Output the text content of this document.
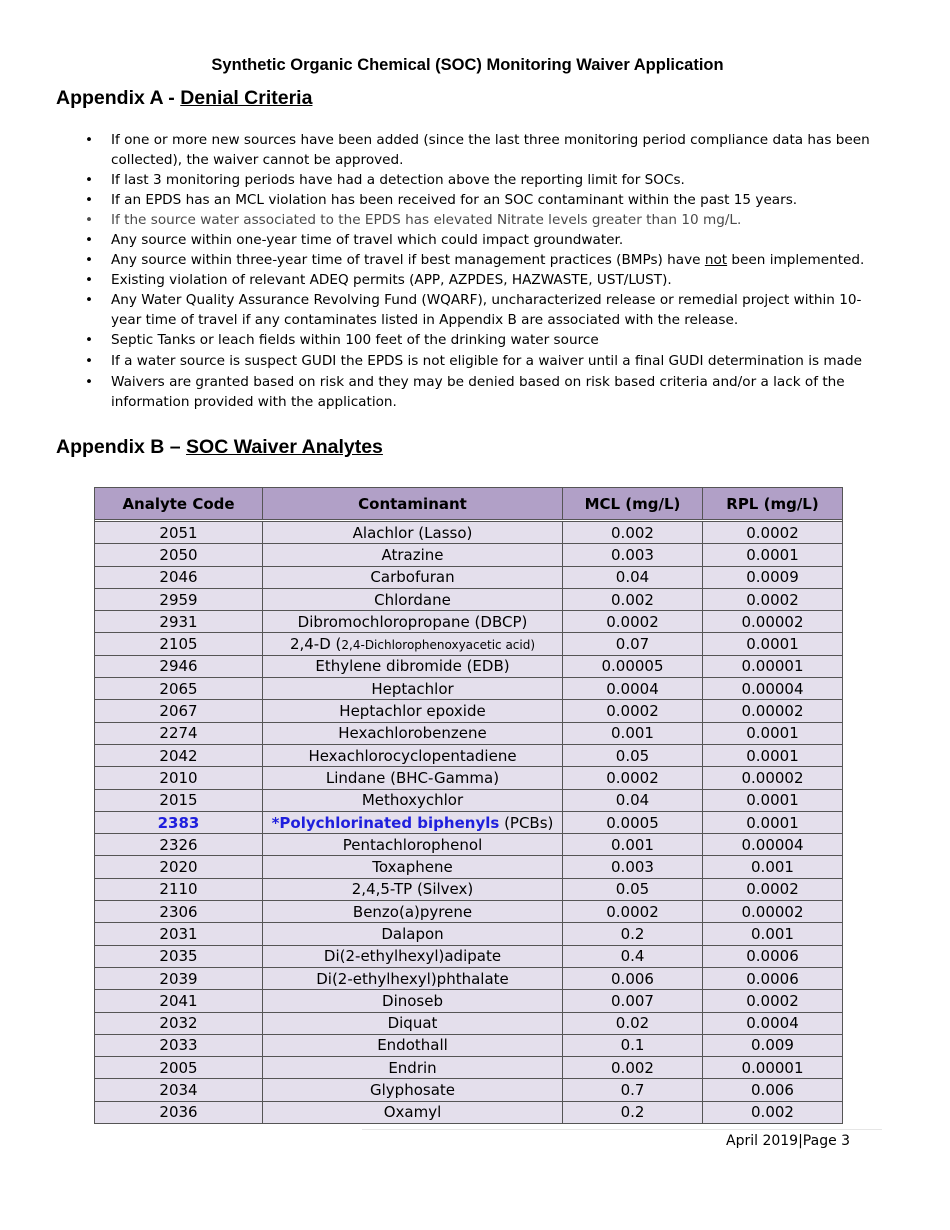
Synthetic Organic Chemical (SOC) Monitoring Waiver Application
Appendix A - Denial Criteria
• If one or more new sources have been added (since the last three monitoring period compliance data has been collected), the waiver cannot be approved.
• If last 3 monitoring periods have had a detection above the reporting limit for SOCs.
• If an EPDS has an MCL violation has been received for an SOC contaminant within the past 15 years.
• If the source water associated to the EPDS has elevated Nitrate levels greater than 10 mg/L.
• Any source within one-year time of travel which could impact groundwater.
• Any source within three-year time of travel if best management practices (BMPs) have not been implemented.
• Existing violation of relevant ADEQ permits (APP, AZPDES, HAZWASTE, UST/LUST).
• Any Water Quality Assurance Revolving Fund (WQARF), uncharacterized release or remedial project within 10-year time of travel if any contaminates listed in Appendix B are associated with the release.
• Septic Tanks or leach fields within 100 feet of the drinking water source
• If a water source is suspect GUDI the EPDS is not eligible for a waiver until a final GUDI determination is made
• Waivers are granted based on risk and they may be denied based on risk based criteria and/or a lack of the information provided with the application.
Appendix B – SOC Waiver Analytes
Analyte Code	Contaminant	MCL (mg/L)	RPL (mg/L)

2051	Alachlor (Lasso)	0.002	0.0002
2050	Atrazine	0.003	0.0001
2046	Carbofuran	0.04	0.0009
2959	Chlordane	0.002	0.0002
2931	Dibromochloropropane (DBCP)	0.0002	0.00002
2105	2,4-D (2,4-Dichlorophenoxyacetic acid)	0.07	0.0001
2946	Ethylene dibromide (EDB)	0.00005	0.00001
2065	Heptachlor	0.0004	0.00004
2067	Heptachlor epoxide	0.0002	0.00002
2274	Hexachlorobenzene	0.001	0.0001
2042	Hexachlorocyclopentadiene	0.05	0.0001
2010	Lindane (BHC-Gamma)	0.0002	0.00002
2015	Methoxychlor	0.04	0.0001
2383	*Polychlorinated biphenyls (PCBs)	0.0005	0.0001
2326	Pentachlorophenol	0.001	0.00004
2020	Toxaphene	0.003	0.001
2110	2,4,5-TP (Silvex)	0.05	0.0002
2306	Benzo(a)pyrene	0.0002	0.00002
2031	Dalapon	0.2	0.001
2035	Di(2-ethylhexyl)adipate	0.4	0.0006
2039	Di(2-ethylhexyl)phthalate	0.006	0.0006
2041	Dinoseb	0.007	0.0002
2032	Diquat	0.02	0.0004
2033	Endothall	0.1	0.009
2005	Endrin	0.002	0.00001
2034	Glyphosate	0.7	0.006
2036	Oxamyl	0.2	0.002
April 2019|Page 3
